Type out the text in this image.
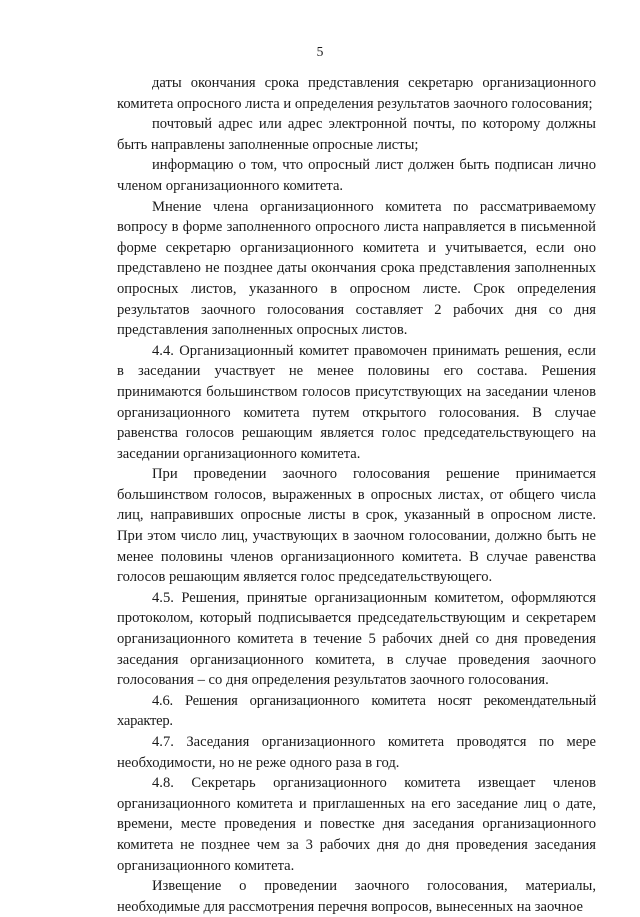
5

даты окончания срока представления секретарю организационного комитета опросного листа и определения результатов заочного голосования;

почтовый адрес или адрес электронной почты, по которому должны быть направлены заполненные опросные листы;

информацию о том, что опросный лист должен быть подписан лично членом организационного комитета.

Мнение члена организационного комитета по рассматриваемому вопросу в форме заполненного опросного листа направляется в письменной форме секретарю организационного комитета и учитывается, если оно представлено не позднее даты окончания срока представления заполненных опросных листов, указанного в опросном листе. Срок определения результатов заочного голосования составляет 2 рабочих дня со дня представления заполненных опросных листов.

4.4. Организационный комитет правомочен принимать решения, если в заседании участвует не менее половины его состава. Решения принимаются большинством голосов присутствующих на заседании членов организационного комитета путем открытого голосования. В случае равенства голосов решающим является голос председательствующего на заседании организационного комитета.

При проведении заочного голосования решение принимается большинством голосов, выраженных в опросных листах, от общего числа лиц, направивших опросные листы в срок, указанный в опросном листе. При этом число лиц, участвующих в заочном голосовании, должно быть не менее половины членов организационного комитета. В случае равенства голосов решающим является голос председательствующего.

4.5. Решения, принятые организационным комитетом, оформляются протоколом, который подписывается председательствующим и секретарем организационного комитета в течение 5 рабочих дней со дня проведения заседания организационного комитета, в случае проведения заочного голосования – со дня определения результатов заочного голосования.

4.6. Решения организационного комитета носят рекомендательный характер.

4.7. Заседания организационного комитета проводятся по мере необходимости, но не реже одного раза в год.

4.8. Секретарь организационного комитета извещает членов организационного комитета и приглашенных на его заседание лиц о дате, времени, месте проведения и повестке дня заседания организационного комитета не позднее чем за 3 рабочих дня до дня проведения заседания организационного комитета.

Извещение о проведении заочного голосования, материалы, необходимые для рассмотрения перечня вопросов, вынесенных на заочное
